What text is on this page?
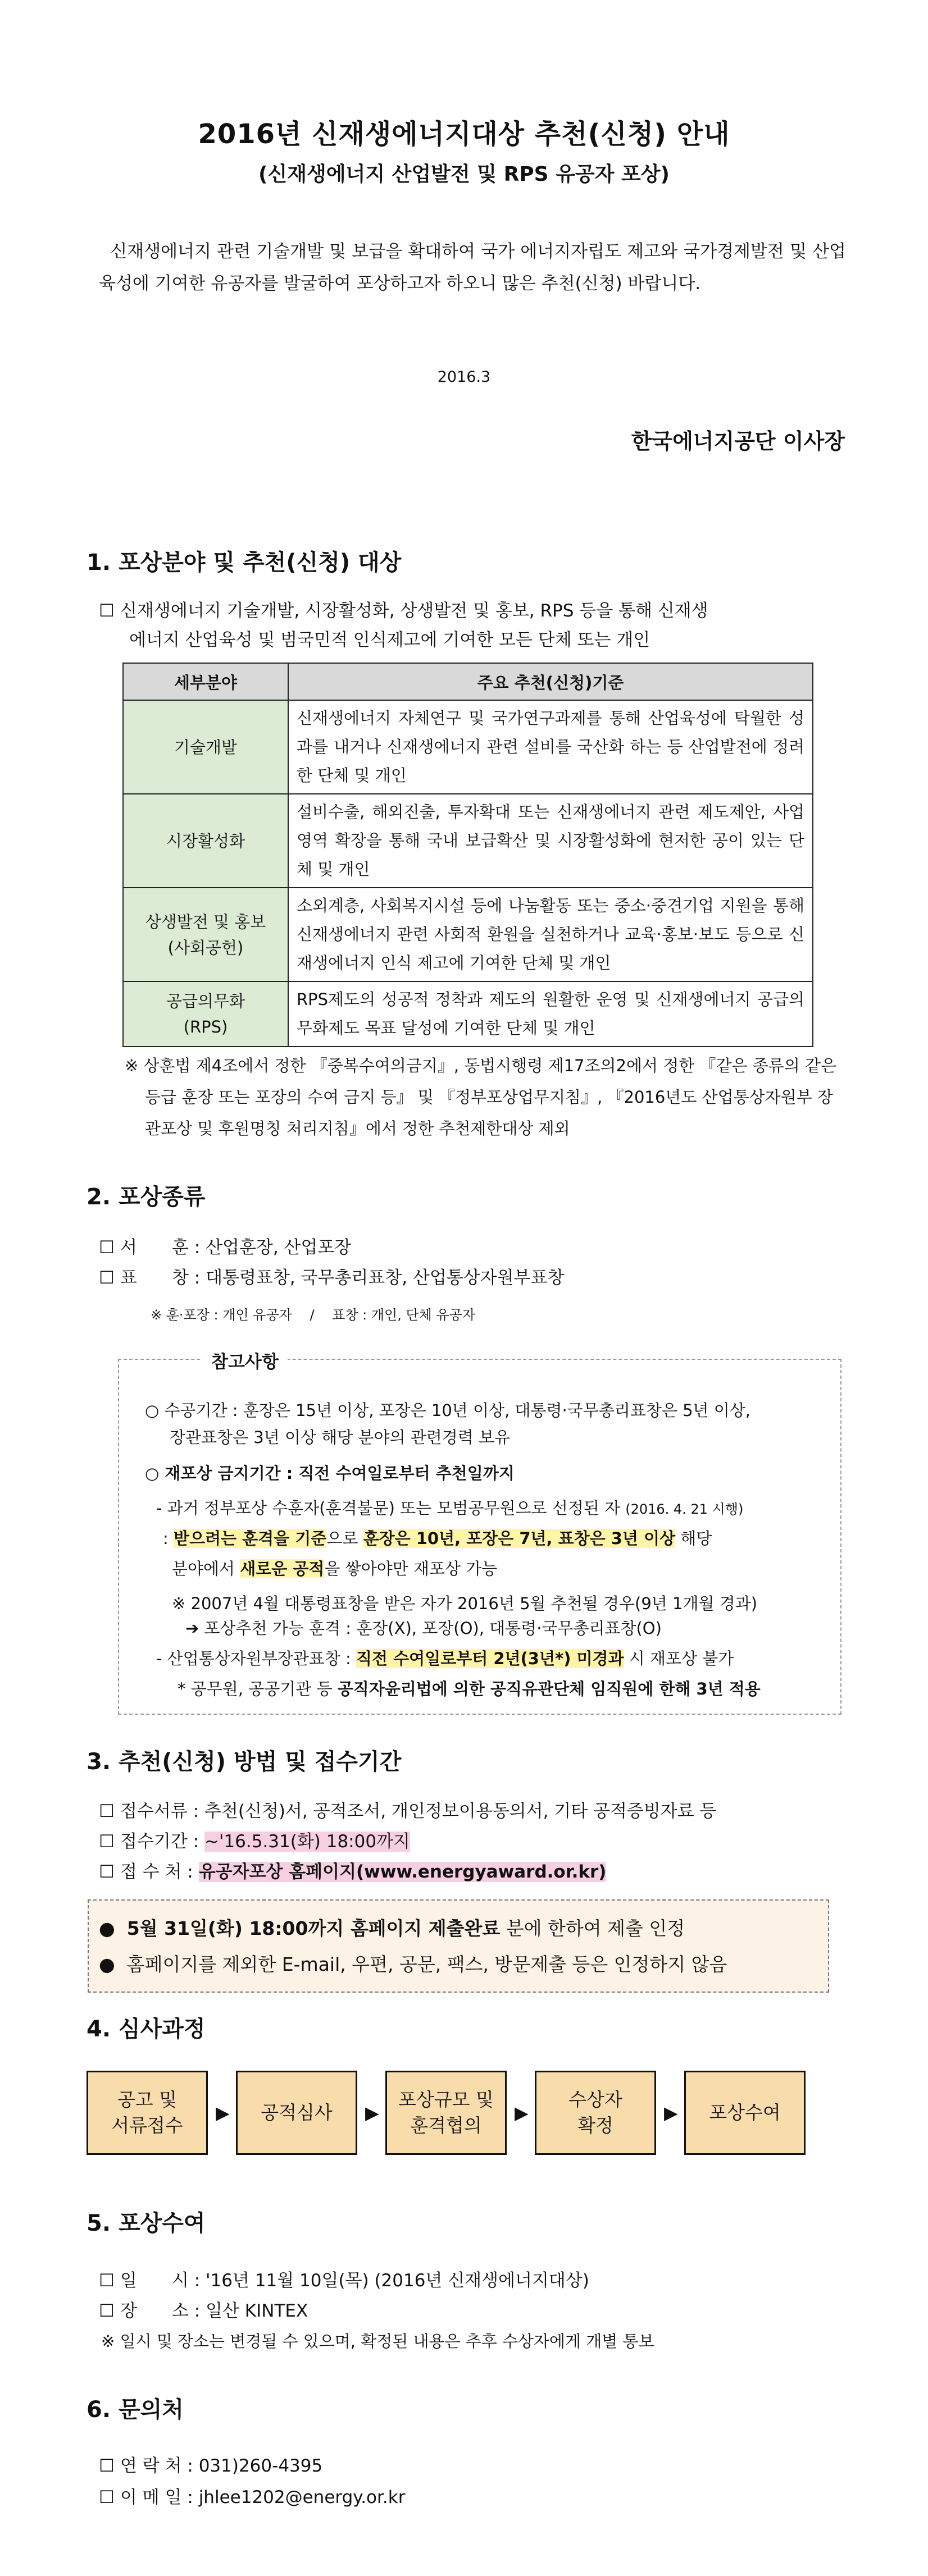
2016년 신재생에너지대상 추천(신청) 안내
(신재생에너지 산업발전 및 RPS 유공자 포상)
신재생에너지 관련 기술개발 및 보급을 확대하여 국가 에너지자립도 제고와 국가경제발전 및 산업육성에 기여한 유공자를 발굴하여 포상하고자 하오니 많은 추천(신청) 바랍니다.
2016.3
한국에너지공단 이사장
1. 포상분야 및 추천(신청) 대상
☐ 신재생에너지 기술개발, 시장활성화, 상생발전 및 홍보, RPS 등을 통해 신재생
에너지 산업육성 및 범국민적 인식제고에 기여한 모든 단체 또는 개인
세부분야	주요 추천(신청)기준
기술개발	신재생에너지 자체연구 및 국가연구과제를 통해 산업육성에 탁월한 성과를 내거나 신재생에너지 관련 설비를 국산화 하는 등 산업발전에 정려한 단체 및 개인
시장활성화	설비수출, 해외진출, 투자확대 또는 신재생에너지 관련 제도제안, 사업영역 확장을 통해 국내 보급확산 및 시장활성화에 현저한 공이 있는 단체 및 개인
상생발전 및 홍보
(사회공헌)	소외계층, 사회복지시설 등에 나눔활동 또는 중소·중견기업 지원을 통해 신재생에너지 관련 사회적 환원을 실천하거나 교육·홍보·보도 등으로 신재생에너지 인식 제고에 기여한 단체 및 개인
공급의무화
(RPS)	RPS제도의 성공적 정착과 제도의 원활한 운영 및 신재생에너지 공급의무화제도 목표 달성에 기여한 단체 및 개인
※ 상훈법 제4조에서 정한 『중복수여의금지』, 동법시행령 제17조의2에서 정한 『같은 종류의 같은 등급 훈장 또는 포장의 수여 금지 등』 및 『정부포상업무지침』, 『2016년도 산업통상자원부 장관포상 및 후원명칭 처리지침』에서 정한 추천제한대상 제외
2. 포상종류
☐ 서　　훈 : 산업훈장, 산업포장
☐ 표　　창 : 대통령표창, 국무총리표창, 산업통상자원부표창
※ 훈·포장 : 개인 유공자　 /　 표창 : 개인, 단체 유공자
참고사항
○ 수공기간 : 훈장은 15년 이상, 포장은 10년 이상, 대통령·국무총리표창은 5년 이상,
장관표창은 3년 이상 해당 분야의 관련경력 보유
○ 재포상 금지기간 : 직전 수여일로부터 추천일까지
- 과거 정부포상 수훈자(훈격불문) 또는 모범공무원으로 선정된 자 (2016. 4. 21 시행)
: 받으려는 훈격을 기준으로 훈장은 10년, 포장은 7년, 표창은 3년 이상 해당
분야에서 새로운 공적을 쌓아야만 재포상 가능
※ 2007년 4월 대통령표창을 받은 자가 2016년 5월 추천될 경우(9년 1개월 경과)
➔ 포상추천 가능 훈격 : 훈장(X), 포장(O), 대통령·국무총리표창(O)
- 산업통상자원부장관표창 : 직전 수여일로부터 2년(3년*) 미경과 시 재포상 불가
* 공무원, 공공기관 등 공직자윤리법에 의한 공직유관단체 임직원에 한해 3년 적용
3. 추천(신청) 방법 및 접수기간
☐ 접수서류 : 추천(신청)서, 공적조서, 개인정보이용동의서, 기타 공적증빙자료 등
☐ 접수기간 : ~'16.5.31(화) 18:00까지
☐ 접 수 처 : 유공자포상 홈페이지(www.energyaward.or.kr)
● 5월 31일(화) 18:00까지 홈페이지 제출완료 분에 한하여 제출 인정
● 홈페이지를 제외한 E-mail, 우편, 공문, 팩스, 방문제출 등은 인정하지 않음
4. 심사과정
공고 및
서류접수
▶ 공적심사 ▶
포상규모 및
훈격협의
▶
수상자
확정
▶ 포상수여
5. 포상수여
☐ 일　　시 : '16년 11월 10일(목) (2016년 신재생에너지대상)
☐ 장　　소 : 일산 KINTEX
※ 일시 및 장소는 변경될 수 있으며, 확정된 내용은 추후 수상자에게 개별 통보
6. 문의처
☐ 연 락 처 : 031)260-4395
☐ 이 메 일 : jhlee1202@energy.or.kr
